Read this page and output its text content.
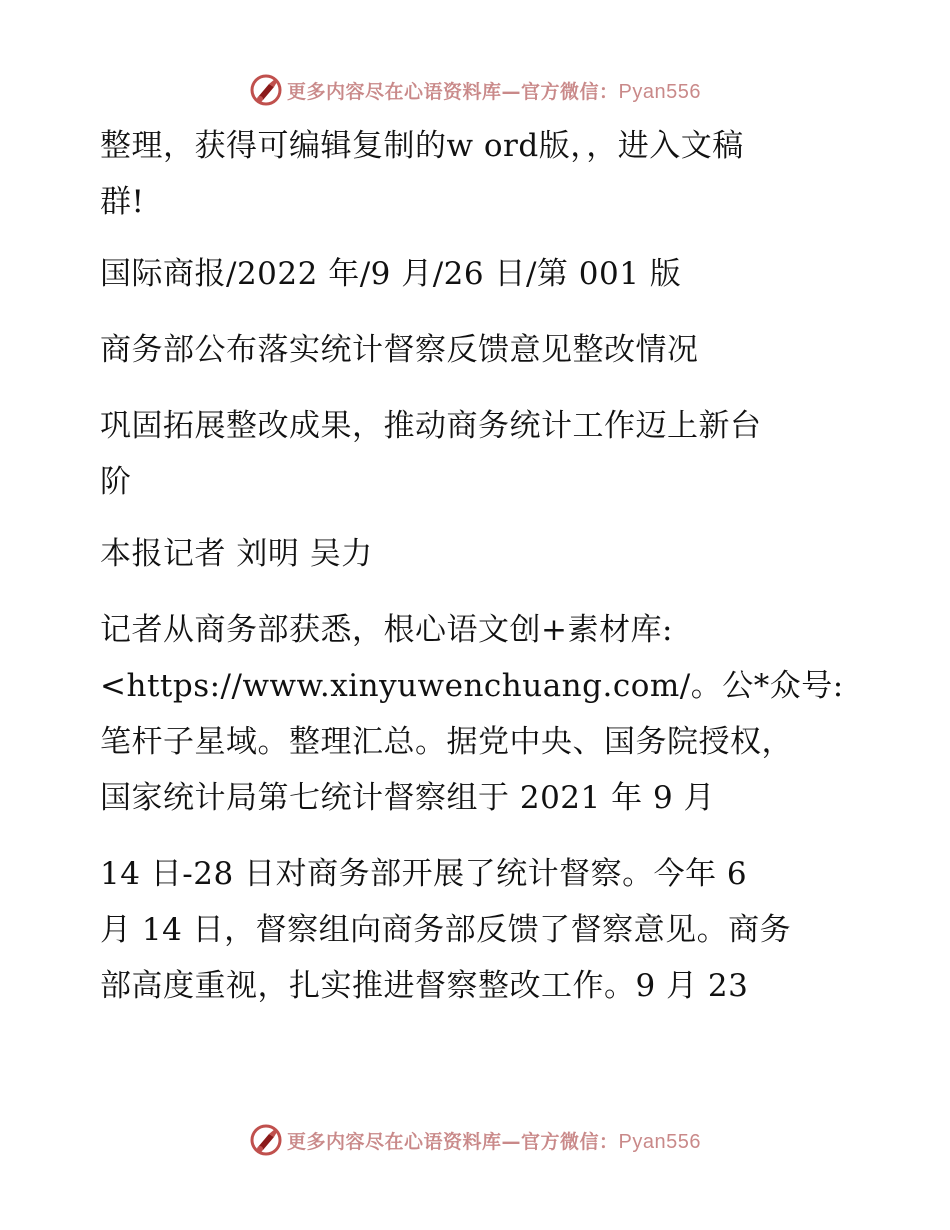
更多内容尽在心语资料库—官方微信：Pyan556
整理，获得可编辑复制的w ord版，，进入文稿
群!
国际商报/2022 年/9 月/26 日/第 001 版
商务部公布落实统计督察反馈意见整改情况
巩固拓展整改成果，推动商务统计工作迈上新台
阶
本报记者 刘明 吴力
记者从商务部获悉，根心语文创+素材库:
<https://www.xinyuwenchuang.com/。公*众号:
笔杆子星域。整理汇总。据党中央、国务院授权，
国家统计局第七统计督察组于 2021 年 9 月
14 日-28 日对商务部开展了统计督察。今年 6
月 14 日，督察组向商务部反馈了督察意见。商务
部高度重视，扎实推进督察整改工作。9 月 23
更多内容尽在心语资料库—官方微信：Pyan556
